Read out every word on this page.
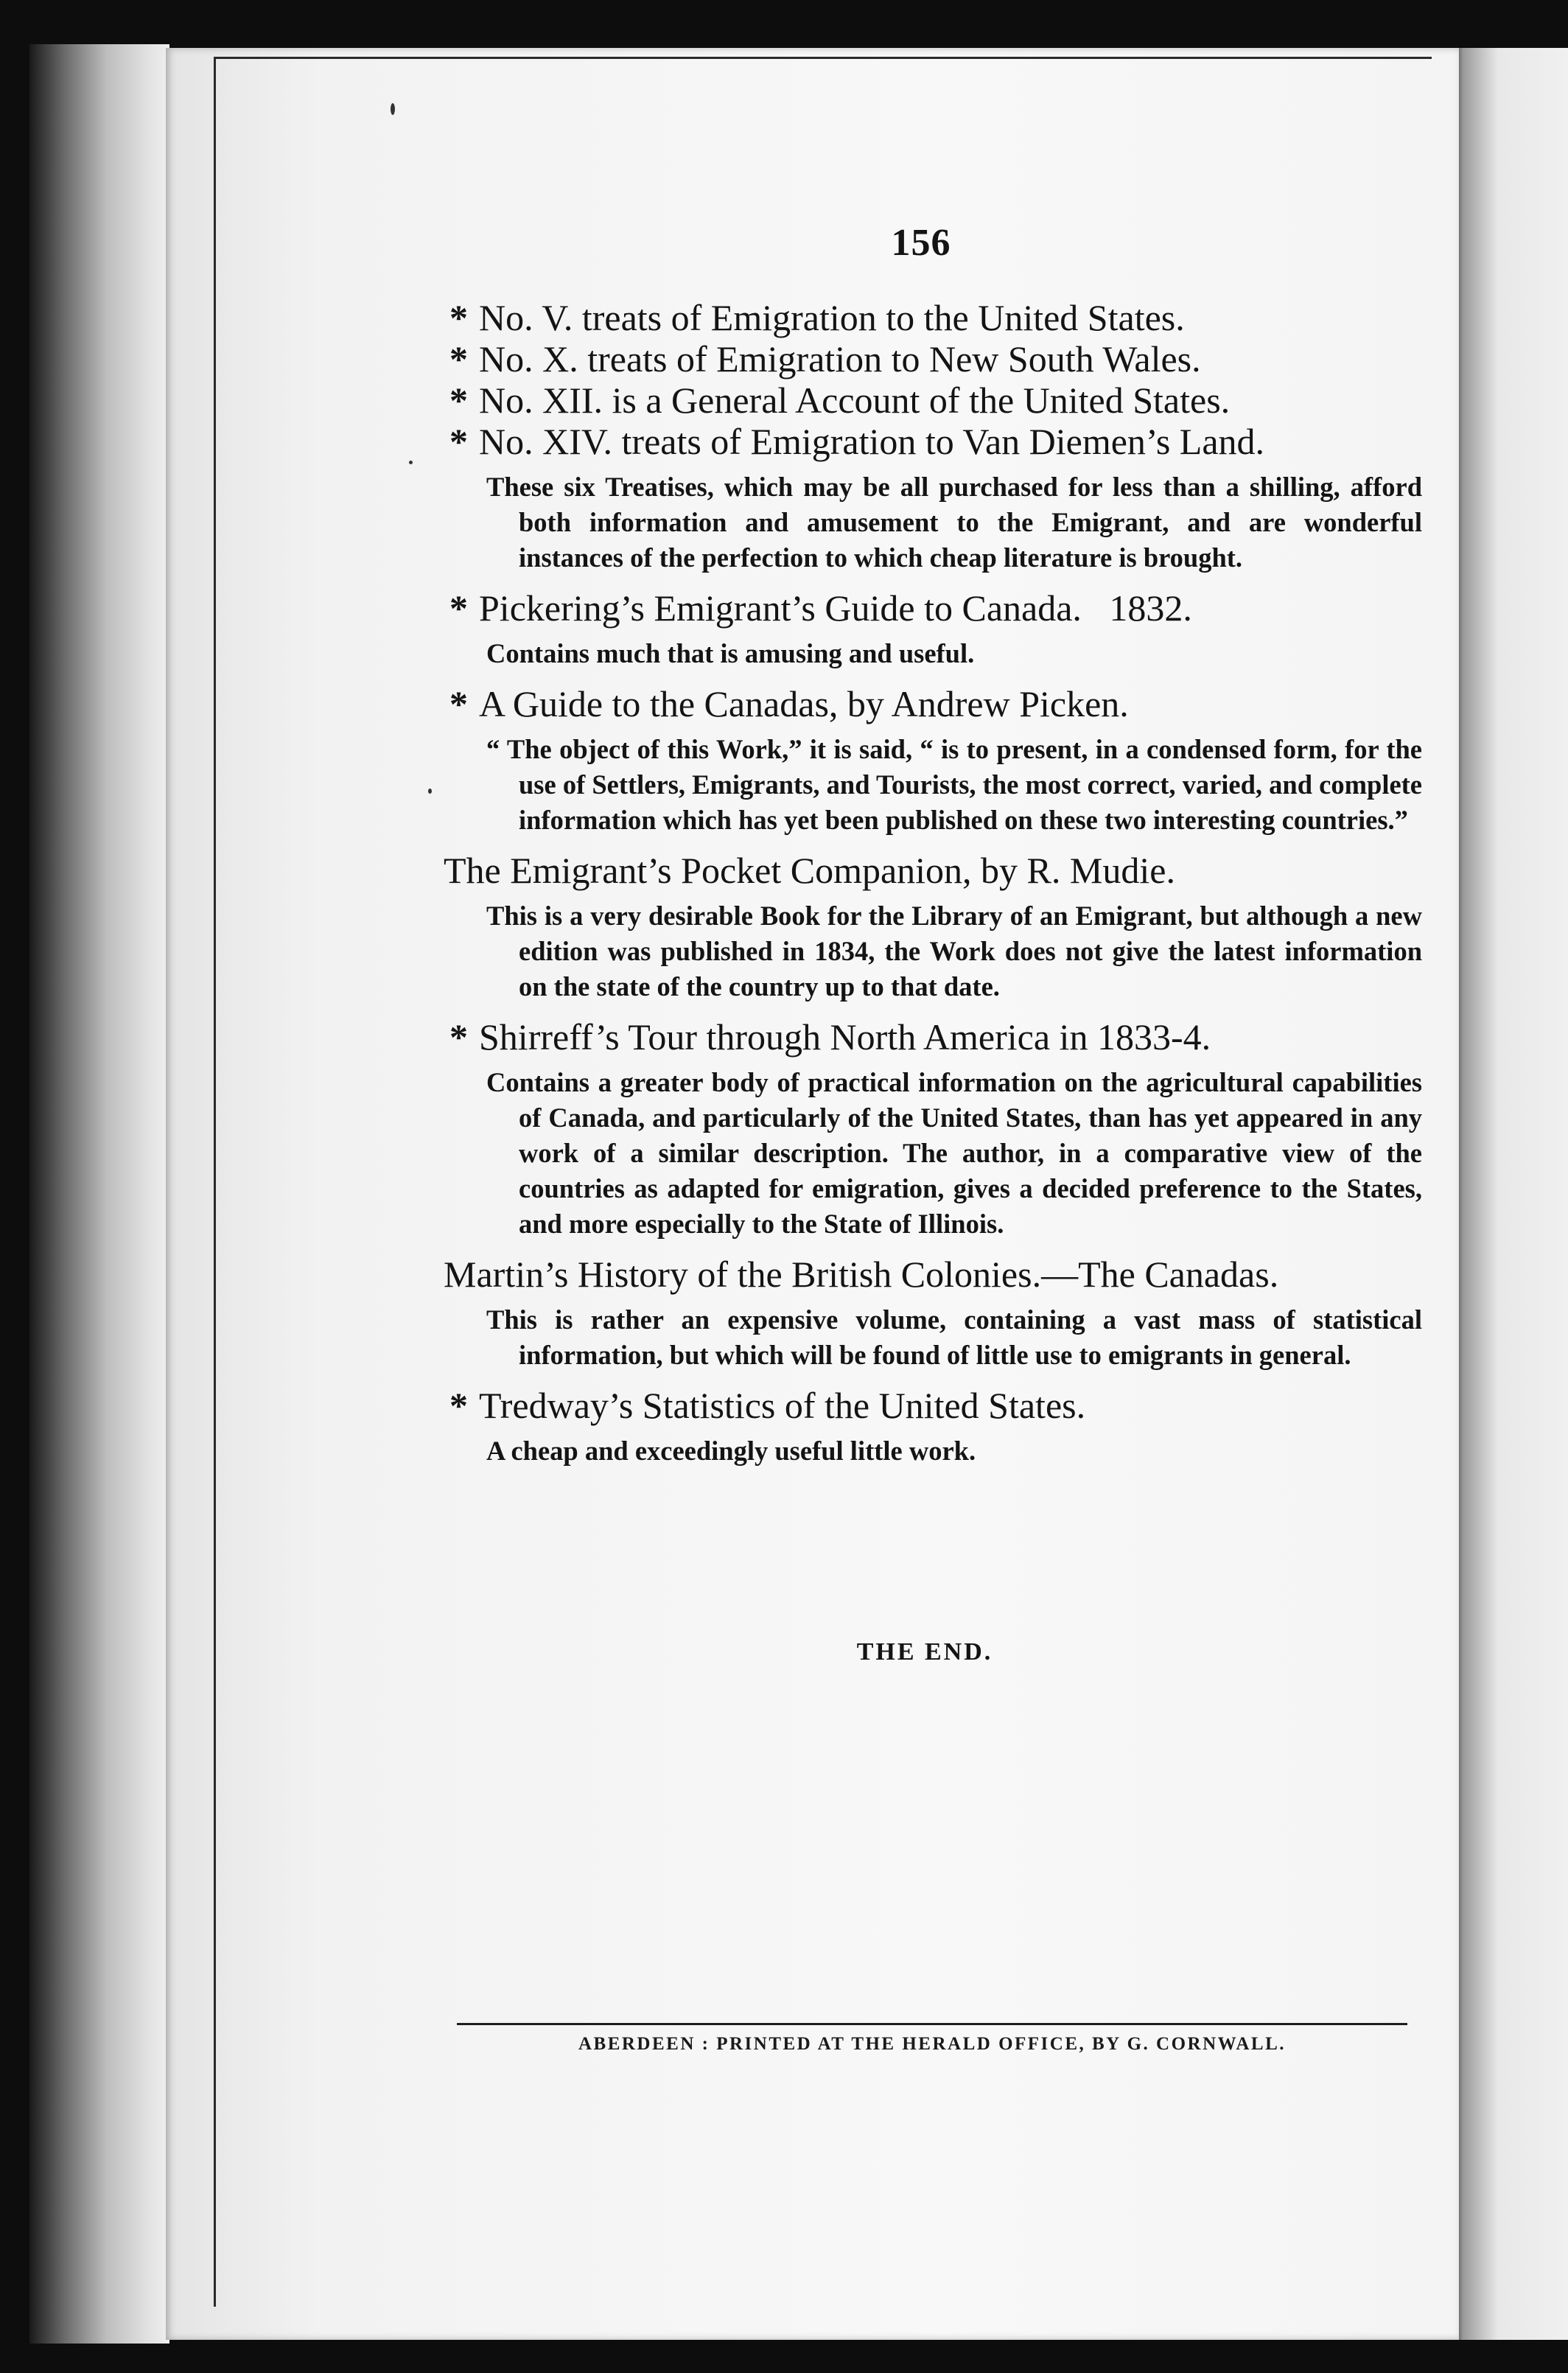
156

* No. V. treats of Emigration to the United States.

* No. X. treats of Emigration to New South Wales.

* No. XII. is a General Account of the United States.

* No. XIV. treats of Emigration to Van Diemen’s Land.

These six Treatises, which may be all purchased for less than a shilling, afford both information and amusement to the Emigrant, and are wonderful instances of the perfection to which cheap literature is brought.

* Pickering’s Emigrant’s Guide to Canada.   1832.

Contains much that is amusing and useful.

* A Guide to the Canadas, by Andrew Picken.

“ The object of this Work,” it is said, “ is to present, in a condensed form, for the use of Settlers, Emigrants, and Tourists, the most correct, varied, and complete information which has yet been published on these two interesting countries.”

The Emigrant’s Pocket Companion, by R. Mudie.

This is a very desirable Book for the Library of an Emigrant, but although a new edition was published in 1834, the Work does not give the latest information on the state of the country up to that date.

* Shirreff’s Tour through North America in 1833-4.

Contains a greater body of practical information on the agricultural capabilities of Canada, and particularly of the United States, than has yet appeared in any work of a similar description. The author, in a comparative view of the countries as adapted for emigration, gives a decided preference to the States, and more especially to the State of Illinois.

Martin’s History of the British Colonies.—The Canadas.

This is rather an expensive volume, containing a vast mass of statistical information, but which will be found of little use to emigrants in general.

* Tredway’s Statistics of the United States.

A cheap and exceedingly useful little work.

THE END.
ABERDEEN : PRINTED AT THE HERALD OFFICE, BY G. CORNWALL.
